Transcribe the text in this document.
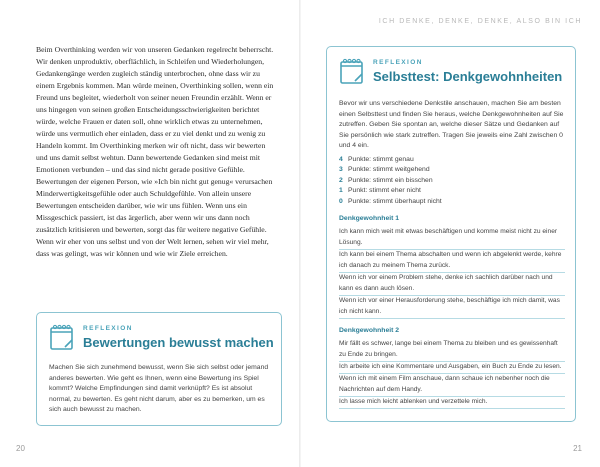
ICH DENKE, DENKE, DENKE, ALSO BIN ICH

Beim Overthinking werden wir von unseren Gedanken regelrecht beherrscht. Wir denken unproduktiv, oberflächlich, in Schleifen und Wiederholungen, Gedankengänge werden zugleich ständig unterbrochen, ohne dass wir zu einem Ergebnis kommen. Man würde meinen, Overthinking sollen, wenn ein Freund uns begleitet, wiederholt von seiner neuen Freundin erzählt. Wenn er uns hingegen von seinen großen Entscheidungsschwierigkeiten berichtet würde, welche Frauen er daten soll, ohne wirklich etwas zu unternehmen, würde uns vermutlich eher einladen, dass er zu viel denkt und zu wenig zu Handeln kommt. Im Overthinking merken wir oft nicht, dass wir bewerten und uns damit selbst wehtun. Dann bewertende Gedanken sind meist mit Emotionen verbunden – und das sind nicht gerade positive Gefühle. Bewertungen der eigenen Person, wie »Ich bin nicht gut genug« verursachen Minderwertigkeitsgefühle oder auch Schuldgefühle. Von allein unsere Bewertungen entscheiden darüber, wie wir uns fühlen. Wenn uns ein Missgeschick passiert, ist das ärgerlich, aber wenn wir uns dann noch zusätzlich kritisieren und bewerten, sorgt das für weitere negative Gefühle. Wenn wir eher von uns selbst und von der Welt lernen, sehen wir viel mehr, dass was gelingt, was wir können und wie wir Ziele erreichen.

REFLEXION
Bewertungen bewusst machen
Machen Sie sich zunehmend bewusst, wenn Sie sich selbst oder jemand anderes bewerten. Wie geht es Ihnen, wenn eine Bewertung ins Spiel kommt? Welche Empfindungen sind damit verknüpft? Es ist absolut normal, zu bewerten. Es geht nicht darum, aber es zu bemerken, um es sich auch bewusst zu machen.
20
REFLEXION
Selbsttest: Denkgewohnheiten
Bevor wir uns verschiedene Denkstile anschauen, machen Sie am besten einen Selbsttest und finden Sie heraus, welche Denkgewohnheiten auf Sie zutreffen. Geben Sie spontan an, welche dieser Sätze und Gedanken auf Sie persönlich wie stark zutreffen. Tragen Sie jeweils eine Zahl zwischen 0 und 4 ein.
4 Punkte: stimmt genau
3 Punkte: stimmt weitgehend
2 Punkte: stimmt ein bisschen
1 Punkt: stimmt eher nicht
0 Punkte: stimmt überhaupt nicht
Denkgewohnheit 1
Ich kann mich weit mit etwas beschäftigen und komme meist nicht zu einer Lösung.
Ich kann bei einem Thema abschalten und wenn ich abgelenkt werde, kehre ich danach zu meinem Thema zurück.
Wenn ich vor einem Problem stehe, denke ich sachlich darüber nach und kann es dann auch lösen.
Wenn ich vor einer Herausforderung stehe, beschäftige ich mich damit, was ich nicht kann.
Denkgewohnheit 2
Mir fällt es schwer, lange bei einem Thema zu bleiben und es gewissenhaft zu Ende zu bringen.
Ich arbeite ich eine Kommentare und Ausgaben, ein Buch zu Ende zu lesen.
Wenn ich mit einem Film anschaue, dann schaue ich nebenher noch die Nachrichten auf dem Handy.
Ich lasse mich leicht ablenken und verzettele mich.
21
